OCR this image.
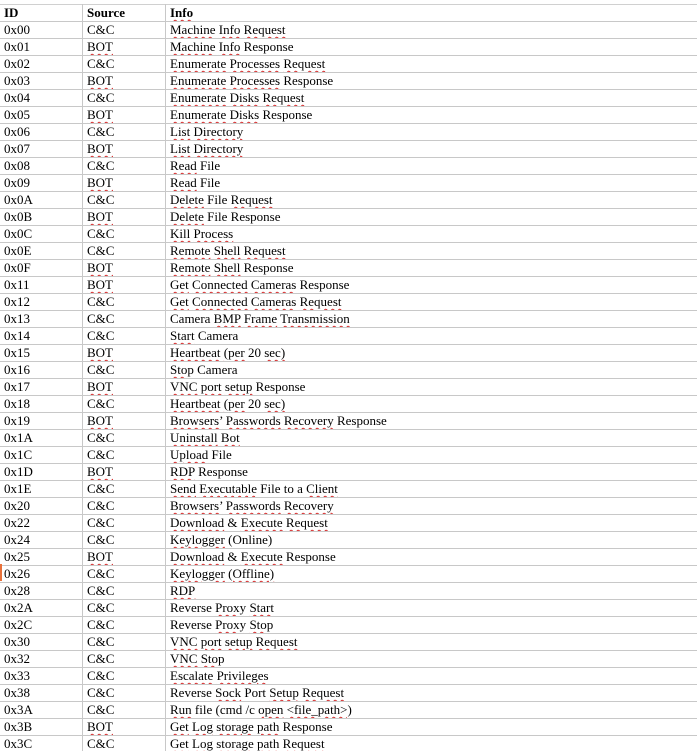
ID	Source	Info
0x00	C&C	Machine Info Request
0x01	BOT	Machine Info Response
0x02	C&C	Enumerate Processes Request
0x03	BOT	Enumerate Processes Response
0x04	C&C	Enumerate Disks Request
0x05	BOT	Enumerate Disks Response
0x06	C&C	List Directory
0x07	BOT	List Directory
0x08	C&C	Read File
0x09	BOT	Read File
0x0A	C&C	Delete File Request
0x0B	BOT	Delete File Response
0x0C	C&C	Kill Process
0x0E	C&C	Remote Shell Request
0x0F	BOT	Remote Shell Response
0x11	BOT	Get Connected Cameras Response
0x12	C&C	Get Connected Cameras Request
0x13	C&C	Camera BMP Frame Transmission
0x14	C&C	Start Camera
0x15	BOT	Heartbeat (per 20 sec)
0x16	C&C	Stop Camera
0x17	BOT	VNC port setup Response
0x18	C&C	Heartbeat (per 20 sec)
0x19	BOT	Browsers’ Passwords Recovery Response
0x1A	C&C	Uninstall Bot
0x1C	C&C	Upload File
0x1D	BOT	RDP Response
0x1E	C&C	Send Executable File to a Client
0x20	C&C	Browsers’ Passwords Recovery
0x22	C&C	Download & Execute Request
0x24	C&C	Keylogger (Online)
0x25	BOT	Download & Execute Response
0x26	C&C	Keylogger (Offline)
0x28	C&C	RDP
0x2A	C&C	Reverse Proxy Start
0x2C	C&C	Reverse Proxy Stop
0x30	C&C	VNC port setup Request
0x32	C&C	VNC Stop
0x33	C&C	Escalate Privileges
0x38	C&C	Reverse Sock Port Setup Request
0x3A	C&C	Run file (cmd /c open <file_path>)
0x3B	BOT	Get Log storage path Response
0x3C	C&C	Get Log storage path Request
